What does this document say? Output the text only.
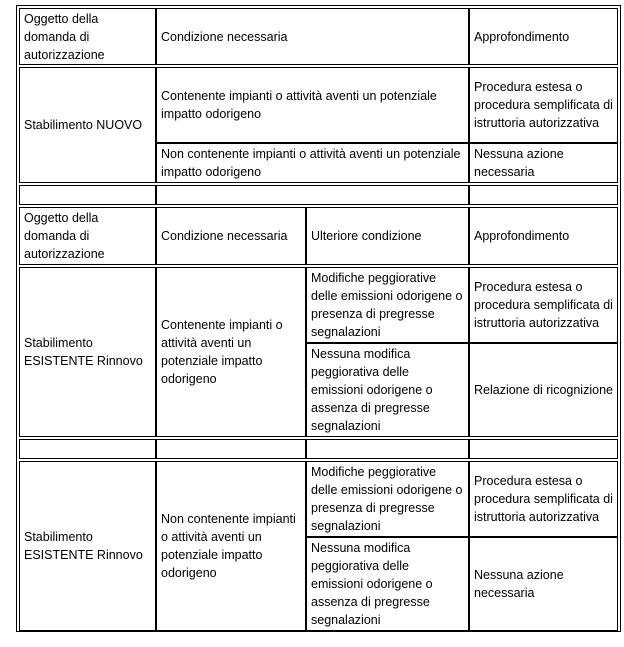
Oggetto della domanda di autorizzazione
Condizione necessaria	Approfondimento
Stabilimento NUOVO
Contenente impianti o attività aventi un potenziale impatto odorigeno
Procedura estesa o procedura semplificata di istruttoria autorizzativa
Non contenente impianti o attività aventi un potenziale impatto odorigeno
Nessuna azione necessaria
Oggetto della domanda di autorizzazione
Condizione necessaria Ulteriore condizione	Approfondimento
Stabilimento ESISTENTE Rinnovo
Contenente impianti o attività aventi un potenziale impatto odorigeno
Modifiche peggiorative delle emissioni odorigene o presenza di pregresse segnalazioni
Procedura estesa o procedura semplificata di istruttoria autorizzativa
Nessuna modifica peggiorativa delle emissioni odorigene o assenza di pregresse segnalazioni
Relazione di ricognizione
Stabilimento ESISTENTE Rinnovo
Non contenente impianti o attività aventi un potenziale impatto odorigeno
Modifiche peggiorative delle emissioni odorigene o presenza di pregresse segnalazioni
Procedura estesa o procedura semplificata di istruttoria autorizzativa
Nessuna modifica peggiorativa delle emissioni odorigene o assenza di pregresse segnalazioni
Nessuna azione necessaria
